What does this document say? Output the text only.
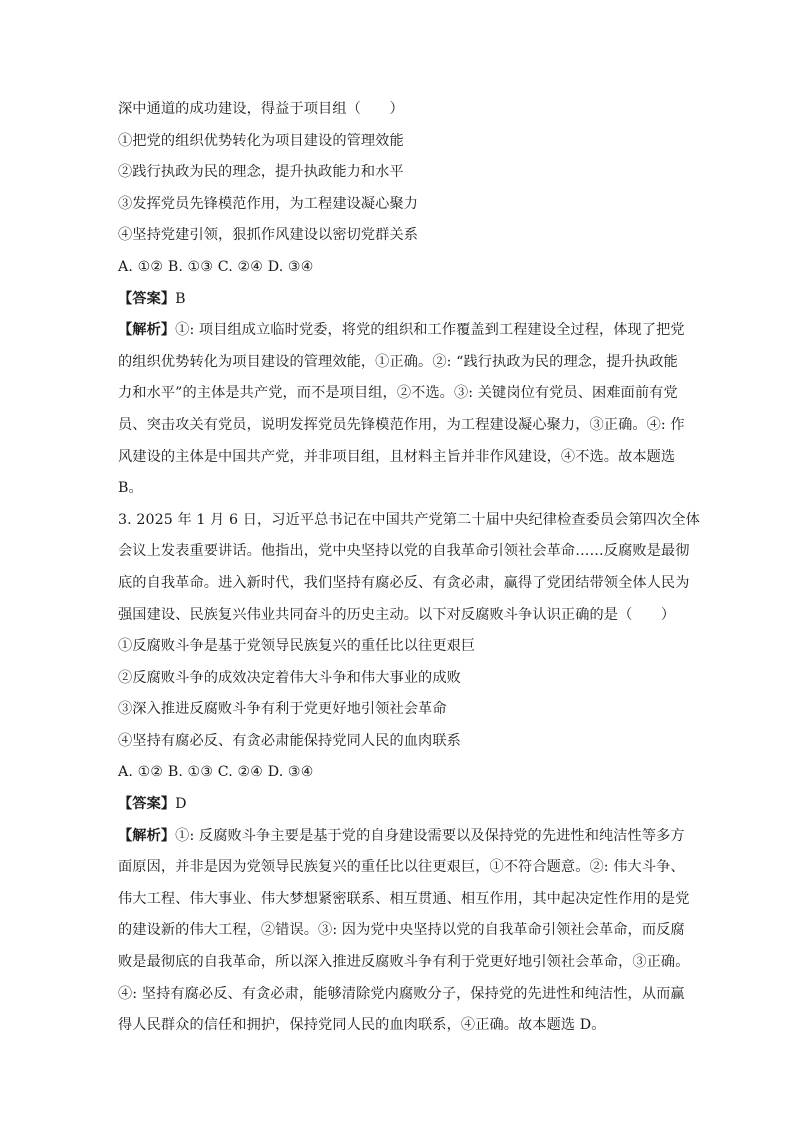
深中通道的成功建设，得益于项目组（　　）
①把党的组织优势转化为项目建设的管理效能
②践行执政为民的理念，提升执政能力和水平
③发挥党员先锋模范作用，为工程建设凝心聚力
④坚持党建引领，狠抓作风建设以密切党群关系
A. ①② B. ①③ C. ②④ D. ③④
【答案】B
【解析】①: 项目组成立临时党委，将党的组织和工作覆盖到工程建设全过程，体现了把党
的组织优势转化为项目建设的管理效能，①正确。②: “践行执政为民的理念，提升执政能
力和水平”的主体是共产党，而不是项目组，②不选。③: 关键岗位有党员、困难面前有党
员、突击攻关有党员，说明发挥党员先锋模范作用，为工程建设凝心聚力，③正确。④: 作
风建设的主体是中国共产党，并非项目组，且材料主旨并非作风建设，④不选。故本题选
B。
3. 2025 年 1 月 6 日，习近平总书记在中国共产党第二十届中央纪律检查委员会第四次全体
会议上发表重要讲话。他指出，党中央坚持以党的自我革命引领社会革命……反腐败是最彻
底的自我革命。进入新时代，我们坚持有腐必反、有贪必肃，赢得了党团结带领全体人民为
强国建设、民族复兴伟业共同奋斗的历史主动。以下对反腐败斗争认识正确的是（　　）
①反腐败斗争是基于党领导民族复兴的重任比以往更艰巨
②反腐败斗争的成效决定着伟大斗争和伟大事业的成败
③深入推进反腐败斗争有利于党更好地引领社会革命
④坚持有腐必反、有贪必肃能保持党同人民的血肉联系
A. ①② B. ①③ C. ②④ D. ③④
【答案】D
【解析】①: 反腐败斗争主要是基于党的自身建设需要以及保持党的先进性和纯洁性等多方
面原因，并非是因为党领导民族复兴的重任比以往更艰巨，①不符合题意。②: 伟大斗争、
伟大工程、伟大事业、伟大梦想紧密联系、相互贯通、相互作用，其中起决定性作用的是党
的建设新的伟大工程，②错误。③: 因为党中央坚持以党的自我革命引领社会革命，而反腐
败是最彻底的自我革命，所以深入推进反腐败斗争有利于党更好地引领社会革命，③正确。
④: 坚持有腐必反、有贪必肃，能够清除党内腐败分子，保持党的先进性和纯洁性，从而赢
得人民群众的信任和拥护，保持党同人民的血肉联系，④正确。故本题选 D。
